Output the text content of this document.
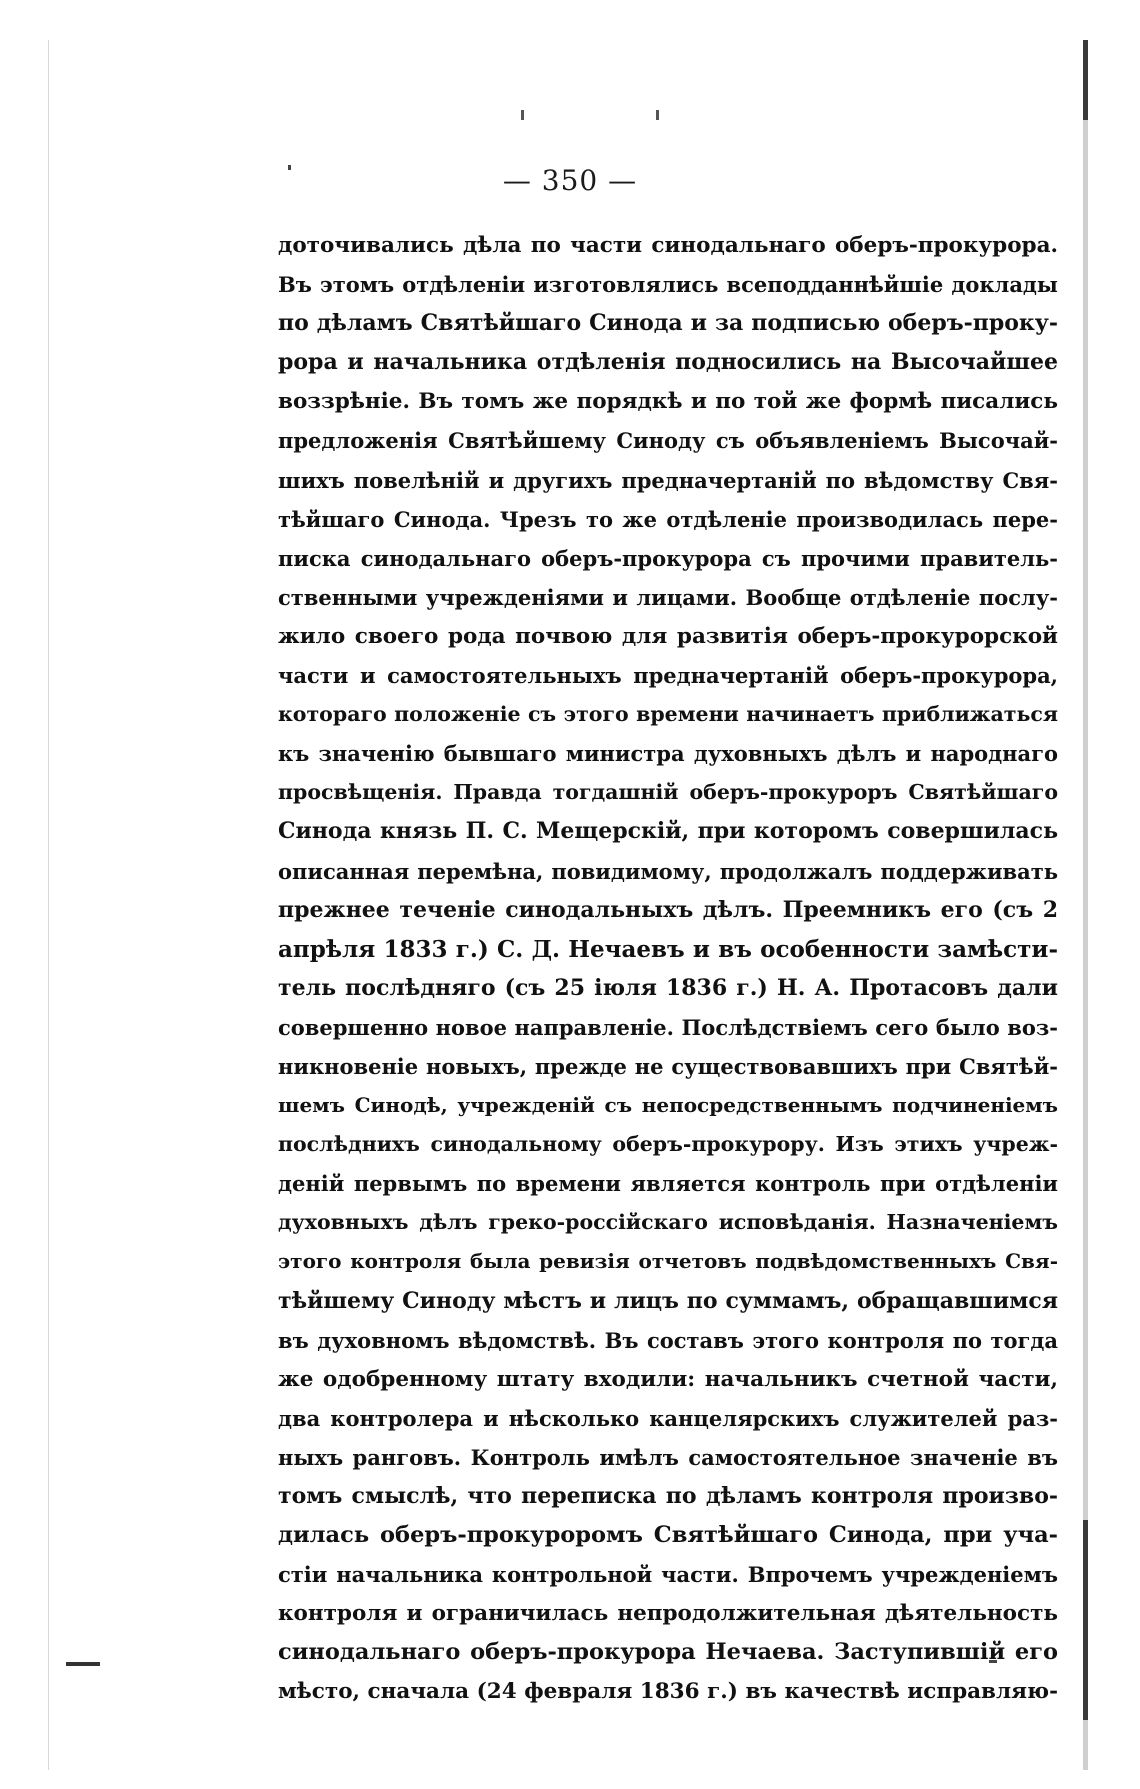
— 350 —
доточивались дѣла по части синодальнаго оберъ-прокурора.
Въ этомъ отдѣленіи изготовлялись всеподданнѣйшіе доклады
по дѣламъ Святѣйшаго Синода и за подписью оберъ-проку-
рора и начальника отдѣленія подносились на Высочайшее
воззрѣніе. Въ томъ же порядкѣ и по той же формѣ писались
предложенія Святѣйшему Синоду съ объявленіемъ Высочай-
шихъ повелѣній и другихъ предначертаній по вѣдомству Свя-
тѣйшаго Синода. Чрезъ то же отдѣленіе производилась пере-
писка синодальнаго оберъ-прокурора съ прочими правитель-
ственными учрежденіями и лицами. Вообще отдѣленіе послу-
жило своего рода почвою для развитія оберъ-прокурорской
части и самостоятельныхъ предначертаній оберъ-прокурора,
котораго положеніе съ этого времени начинаетъ приближаться
къ значенію бывшаго министра духовныхъ дѣлъ и народнаго
просвѣщенія. Правда тогдашній оберъ-прокуроръ Святѣйшаго
Синода князь П. С. Мещерскій, при которомъ совершилась
описанная перемѣна, повидимому, продолжалъ поддерживать
прежнее теченіе синодальныхъ дѣлъ. Преемникъ его (съ 2
апрѣля 1833 г.) С. Д. Нечаевъ и въ особенности замѣсти-
тель послѣдняго (съ 25 іюля 1836 г.) Н. А. Протасовъ дали
совершенно новое направленіе. Послѣдствіемъ сего было воз-
никновеніе новыхъ, прежде не существовавшихъ при Святѣй-
шемъ Синодѣ, учрежденій съ непосредственнымъ подчиненіемъ
послѣднихъ синодальному оберъ-прокурору. Изъ этихъ учреж-
деній первымъ по времени является контроль при отдѣленіи
духовныхъ дѣлъ греко-россійскаго исповѣданія. Назначеніемъ
этого контроля была ревизія отчетовъ подвѣдомственныхъ Свя-
тѣйшему Синоду мѣстъ и лицъ по суммамъ, обращавшимся
въ духовномъ вѣдомствѣ. Въ составъ этого контроля по тогда
же одобренному штату входили: начальникъ счетной части,
два контролера и нѣсколько канцелярскихъ служителей раз-
ныхъ ранговъ. Контроль имѣлъ самостоятельное значеніе въ
томъ смыслѣ, что переписка по дѣламъ контроля произво-
дилась оберъ-прокуроромъ Святѣйшаго Синода, при уча-
стіи начальника контрольной части. Впрочемъ учрежденіемъ
контроля и ограничилась непродолжительная дѣятельность
синодальнаго оберъ-прокурора Нечаева. Заступившій его
мѣсто, сначала (24 февраля 1836 г.) въ качествѣ исправляю-
